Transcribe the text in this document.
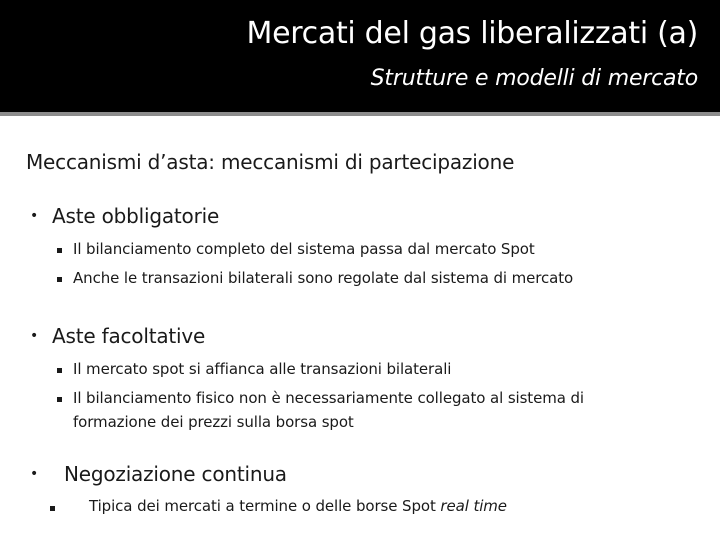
Mercati del gas liberalizzati (a)
Strutture e modelli di mercato
Meccanismi d’asta: meccanismi di partecipazione
• Aste obbligatorie
Il bilanciamento completo del sistema passa dal mercato Spot
Anche le transazioni bilaterali sono regolate dal sistema di mercato
• Aste facoltative
Il mercato spot si affianca alle transazioni bilaterali
Il bilanciamento fisico non è necessariamente collegato al sistema di
formazione dei prezzi sulla borsa spot
• Negoziazione continua
Tipica dei mercati a termine o delle borse Spot real time
